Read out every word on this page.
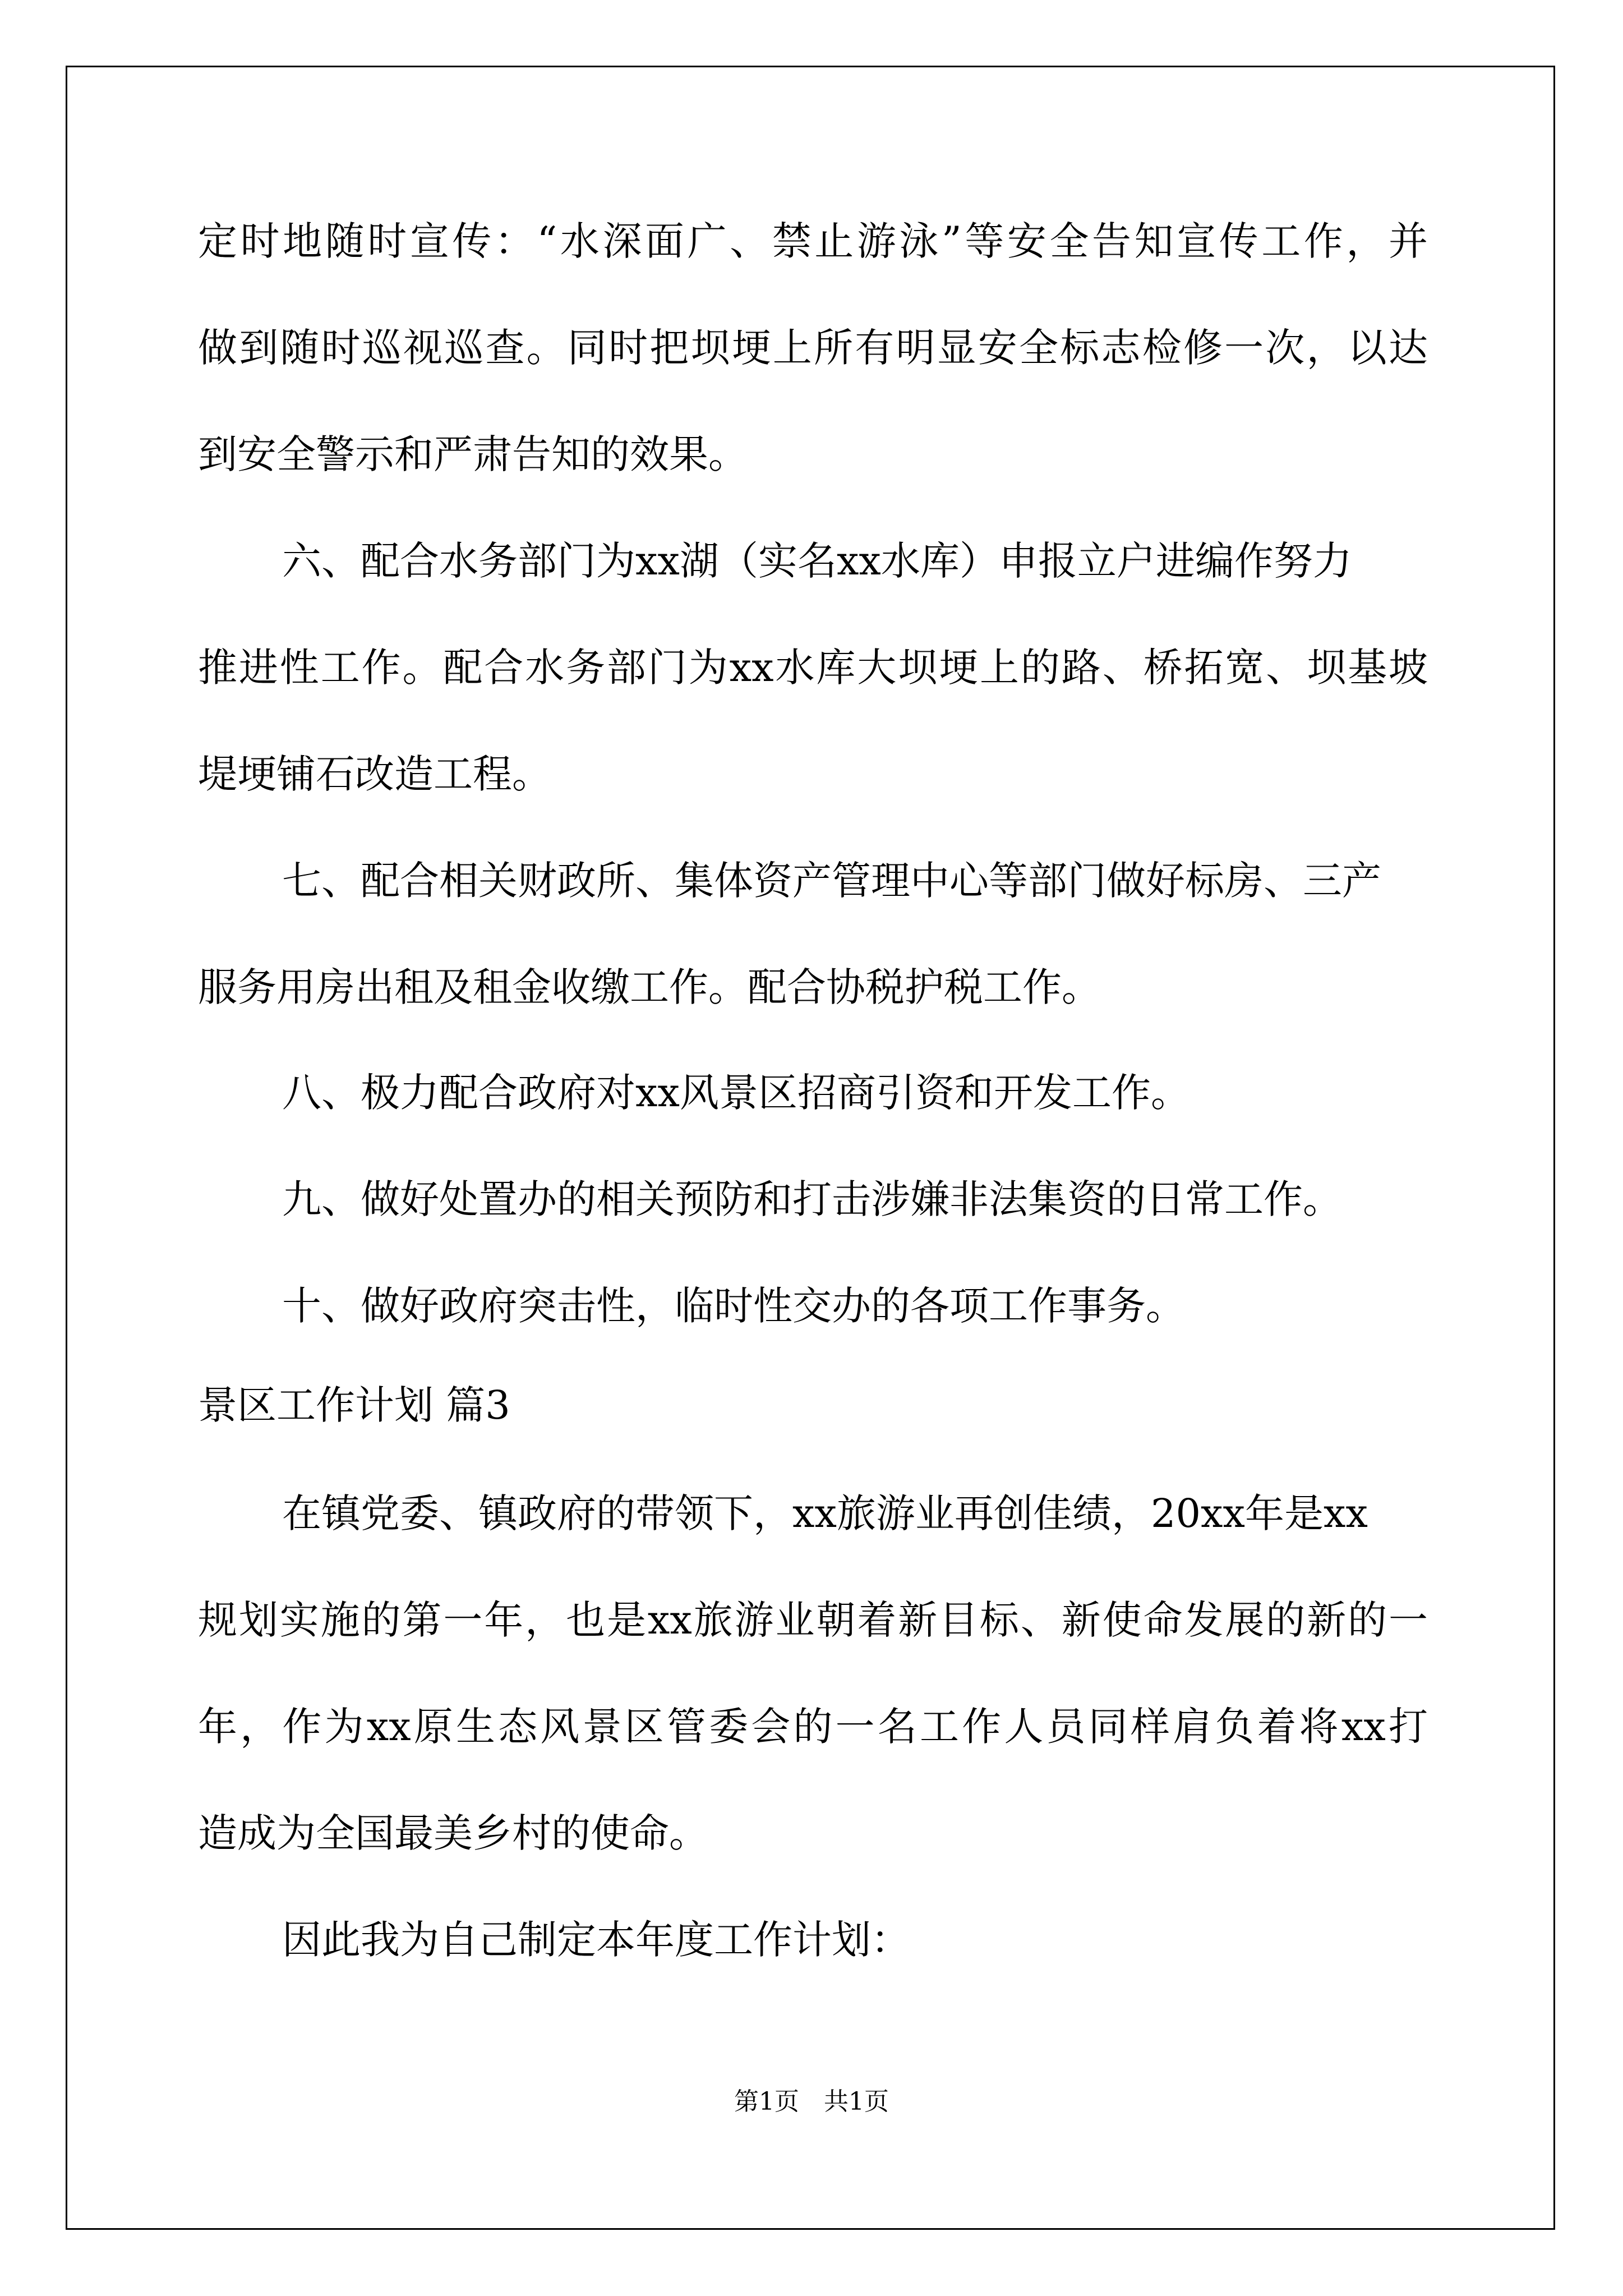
定时地随时宣传：“水深面广、禁止游泳”等安全告知宣传工作，并
做到随时巡视巡查。同时把坝埂上所有明显安全标志检修一次，以达
到安全警示和严肃告知的效果。
六、配合水务部门为xx湖（实名xx水库）申报立户进编作努力
推进性工作。配合水务部门为xx水库大坝埂上的路、桥拓宽、坝基坡
堤埂铺石改造工程。
七、配合相关财政所、集体资产管理中心等部门做好标房、三产
服务用房出租及租金收缴工作。配合协税护税工作。
八、极力配合政府对xx风景区招商引资和开发工作。
九、做好处置办的相关预防和打击涉嫌非法集资的日常工作。
十、做好政府突击性，临时性交办的各项工作事务。
景区工作计划 篇3
在镇党委、镇政府的带领下，xx旅游业再创佳绩，20xx年是xx
规划实施的第一年，也是xx旅游业朝着新目标、新使命发展的新的一
年，作为xx原生态风景区管委会的一名工作人员同样肩负着将xx打
造成为全国最美乡村的使命。
因此我为自己制定本年度工作计划：
第1页　共1页
